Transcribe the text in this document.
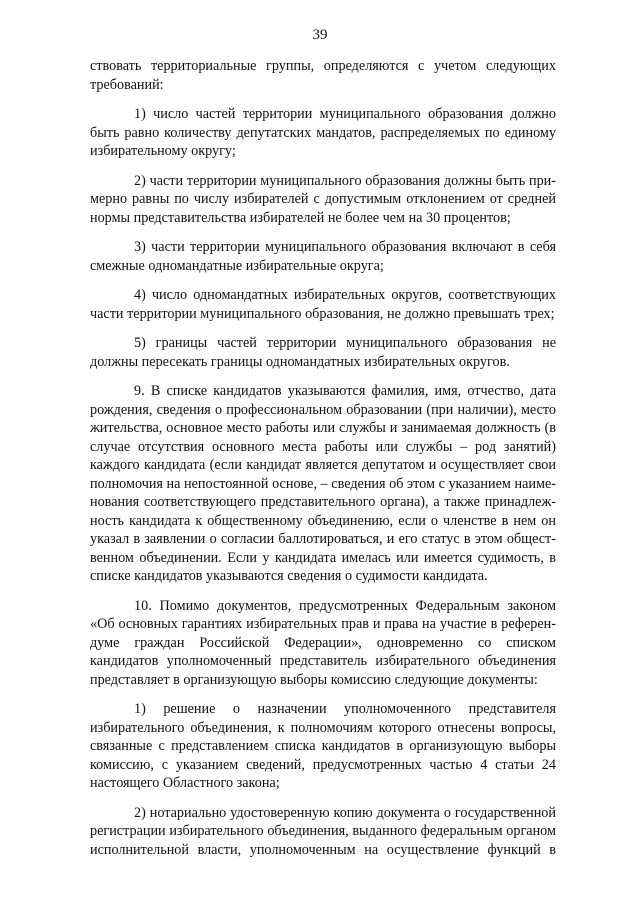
39

ствовать территориальные группы, определяются с учетом следующих требований:

1) число частей территории муниципального образования должно быть равно количеству депутатских мандатов, распределяемых по единому избирательному округу;

2) части территории муниципального образования должны быть примерно равны по числу избирателей с допустимым отклонением от средней нормы представительства избирателей не более чем на 30 процентов;

3) части территории муниципального образования включают в себя смежные одномандатные избирательные округа;

4) число одномандатных избирательных округов, соответствующих части территории муниципального образования, не должно превышать трех;

5) границы частей территории муниципального образования не должны пересекать границы одномандатных избирательных округов.

9. В списке кандидатов указываются фамилия, имя, отчество, дата рождения, сведения о профессиональном образовании (при наличии), место жительства, основное место работы или службы и занимаемая должность (в случае отсутствия основного места работы или службы – род занятий) каждого кандидата (если кандидат является депутатом и осуществляет свои полномочия на непостоянной основе, – сведения об этом с указанием наименования соответствующего представительного органа), а также принадлежность кандидата к общественному объединению, если о членстве в нем он указал в заявлении о согласии баллотироваться, и его статус в этом общественном объединении. Если у кандидата имелась или имеется судимость, в списке кандидатов указываются сведения о судимости кандидата.

10. Помимо документов, предусмотренных Федеральным законом «Об основных гарантиях избирательных прав и права на участие в референдуме граждан Российской Федерации», одновременно со списком кандидатов уполномоченный представитель избирательного объединения представляет в организующую выборы комиссию следующие документы:

1) решение о назначении уполномоченного представителя избирательного объединения, к полномочиям которого отнесены вопросы, связанные с представлением списка кандидатов в организующую выборы комиссию, с указанием сведений, предусмотренных частью 4 статьи 24 настоящего Областного закона;

2) нотариально удостоверенную копию документа о государственной регистрации избирательного объединения, выданного федеральным органом исполнительной власти, уполномоченным на осуществление функций в
